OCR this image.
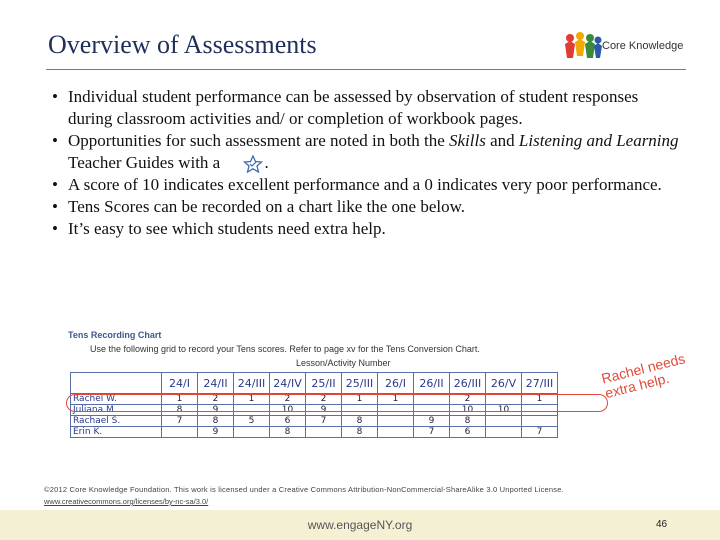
Overview of Assessments	Core Knowledge
• Individual student performance can be assessed by observation of student responses during classroom activities and/ or completion of workbook pages.
• Opportunities for such assessment are noted in both the Skills and Listening and Learning Teacher Guides with a	.
• A score of 10 indicates excellent performance and a 0 indicates very poor performance.
• Tens Scores can be recorded on a chart like the one below.
• It’s easy to see which students need extra help.
Tens Recording Chart
Use the following grid to record your Tens scores. Refer to page xv for the Tens Conversion Chart.
Lesson/Activity Number
	24/I	24/II	24/III	24/IV	25/II	25/III	26/I	26/II	26/III	26/V	27/III
Rachel W.	1	2	1	2	2	1	1		2		1
Juliana M.	8	9		10	9				10	10	
Rachael S.	7	8	5	6	7	8		9	8		
Erin K.		9		8		8		7	6		7
Rachel needs extra help.
©2012 Core Knowledge Foundation. This work is licensed under a Creative Commons Attribution-NonCommercial-ShareAlike 3.0 Unported License.
www.creativecommons.org/licenses/by-nc-sa/3.0/
www.engageNY.org	46
